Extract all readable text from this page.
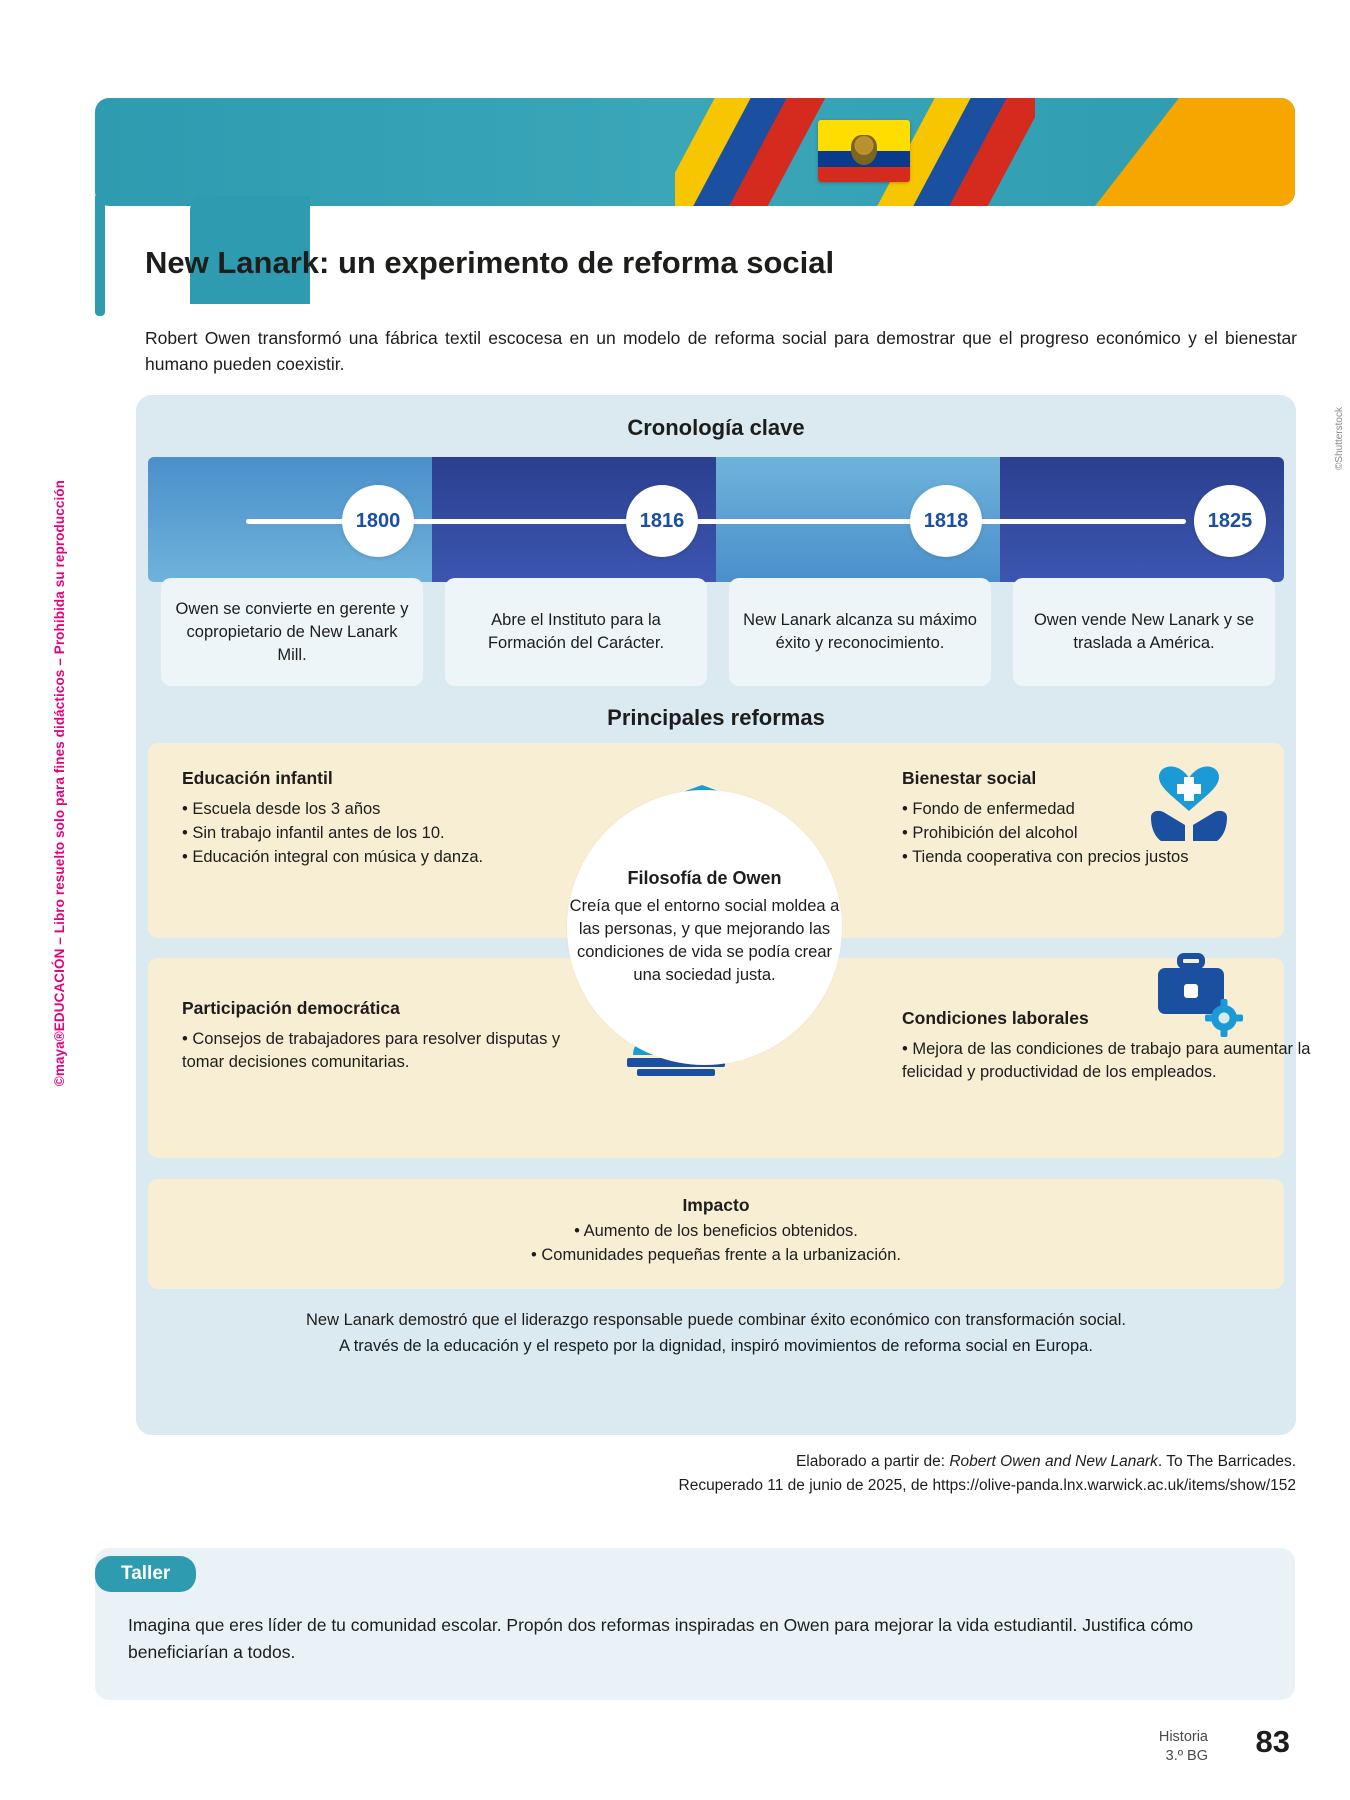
©maya®EDUCACIÓN – Libro resuelto solo para fines didácticos – Prohibida su reproducción
©Shutterstock
IC Cívica, Ética e Integridad	DUA
Participación
New Lanark: un experimento de reforma social
Robert Owen transformó una fábrica textil escocesa en un modelo de reforma social para demostrar que el progreso económico y el bienestar humano pueden coexistir.
Cronología clave
1800	1816	1818	1825
Owen se convierte en gerente y copropietario de New Lanark Mill.
Abre el Instituto para la Formación del Carácter.
New Lanark alcanza su máximo éxito y reconocimiento.
Owen vende New Lanark y se traslada a América.
Principales reformas
Educación infantil
• Escuela desde los 3 años
• Sin trabajo infantil antes de los 10.
• Educación integral con música y danza.
Bienestar social
• Fondo de enfermedad
• Prohibición del alcohol
• Tienda cooperativa con precios justos
Participación democrática
• Consejos de trabajadores para resolver disputas y tomar decisiones comunitarias.
Condiciones laborales
• Mejora de las condiciones de trabajo para aumentar la felicidad y productividad de los empleados.
Filosofía de Owen

Creía que el entorno social moldea a las personas, y que mejorando las condiciones de vida se podía crear una sociedad justa.

Impacto
• Aumento de los beneficios obtenidos.
• Comunidades pequeñas frente a la urbanización.
New Lanark demostró que el liderazgo responsable puede combinar éxito económico con transformación social.
A través de la educación y el respeto por la dignidad, inspiró movimientos de reforma social en Europa.
Elaborado a partir de: Robert Owen and New Lanark. To The Barricades.
Recuperado 11 de junio de 2025, de https://olive-panda.lnx.warwick.ac.uk/items/show/152
Taller
Imagina que eres líder de tu comunidad escolar. Propón dos reformas inspiradas en Owen para mejorar la vida estudiantil. Justifica cómo beneficiarían a todos.
Historia
3.º BG 83
